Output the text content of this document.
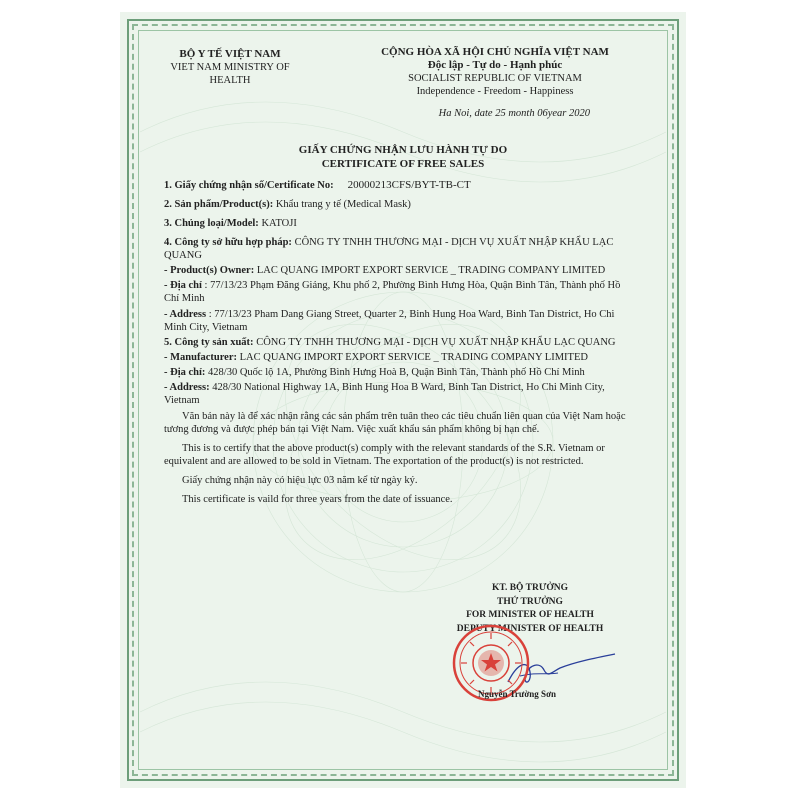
BỘ Y TẾ VIỆT NAM
VIET NAM MINISTRY OF
HEALTH
CỘNG HÒA XÃ HỘI CHỦ NGHĨA VIỆT NAM
Độc lập - Tự do - Hạnh phúc
SOCIALIST REPUBLIC OF VIETNAM
Independence - Freedom - Happiness
Ha Noi, date 25 month 06year 2020
GIẤY CHỨNG NHẬN LƯU HÀNH TỰ DO
CERTIFICATE OF FREE SALES

1. Giấy chứng nhận số/Certificate No: 20000213CFS/BYT-TB-CT

2. Sản phẩm/Product(s): Khẩu trang y tế (Medical Mask)

3. Chủng loại/Model: KATOJI

4. Công ty sở hữu hợp pháp: CÔNG TY TNHH THƯƠNG MẠI - DỊCH VỤ XUẤT NHẬP KHẨU LẠC QUANG

- Product(s) Owner: LAC QUANG IMPORT EXPORT SERVICE _ TRADING COMPANY LIMITED

- Địa chỉ : 77/13/23 Phạm Đăng Giảng, Khu phố 2, Phường Bình Hưng Hòa, Quận Bình Tân, Thành phố Hồ Chí Minh

- Address : 77/13/23 Pham Dang Giang Street, Quarter 2, Binh Hung Hoa Ward, Binh Tan District, Ho Chi Minh City, Vietnam

5. Công ty sản xuất: CÔNG TY TNHH THƯƠNG MẠI - DỊCH VỤ XUẤT NHẬP KHẨU LẠC QUANG

- Manufacturer: LAC QUANG IMPORT EXPORT SERVICE _ TRADING COMPANY LIMITED

- Địa chỉ: 428/30 Quốc lộ 1A, Phường Bình Hưng Hoà B, Quận Bình Tân, Thành phố Hồ Chí Minh

- Address: 428/30 National Highway 1A, Binh Hung Hoa B Ward, Binh Tan District, Ho Chi Minh City, Vietnam

Văn bản này là để xác nhận rằng các sản phẩm trên tuân theo các tiêu chuẩn liên quan của Việt Nam hoặc tương đương và được phép bán tại Việt Nam. Việc xuất khẩu sản phẩm không bị hạn chế.

This is to certify that the above product(s) comply with the relevant standards of the S.R. Vietnam or equivalent and are allowed to be sold in Vietnam. The exportation of the product(s) is not restricted.

Giấy chứng nhận này có hiệu lực 03 năm kể từ ngày ký.

This certificate is vaild for three years from the date of issuance.

KT. BỘ TRƯỞNG
THỨ TRƯỞNG
FOR MINISTER OF HEALTH
DEPUTY MINISTER OF HEALTH
Nguyễn Trường Sơn
